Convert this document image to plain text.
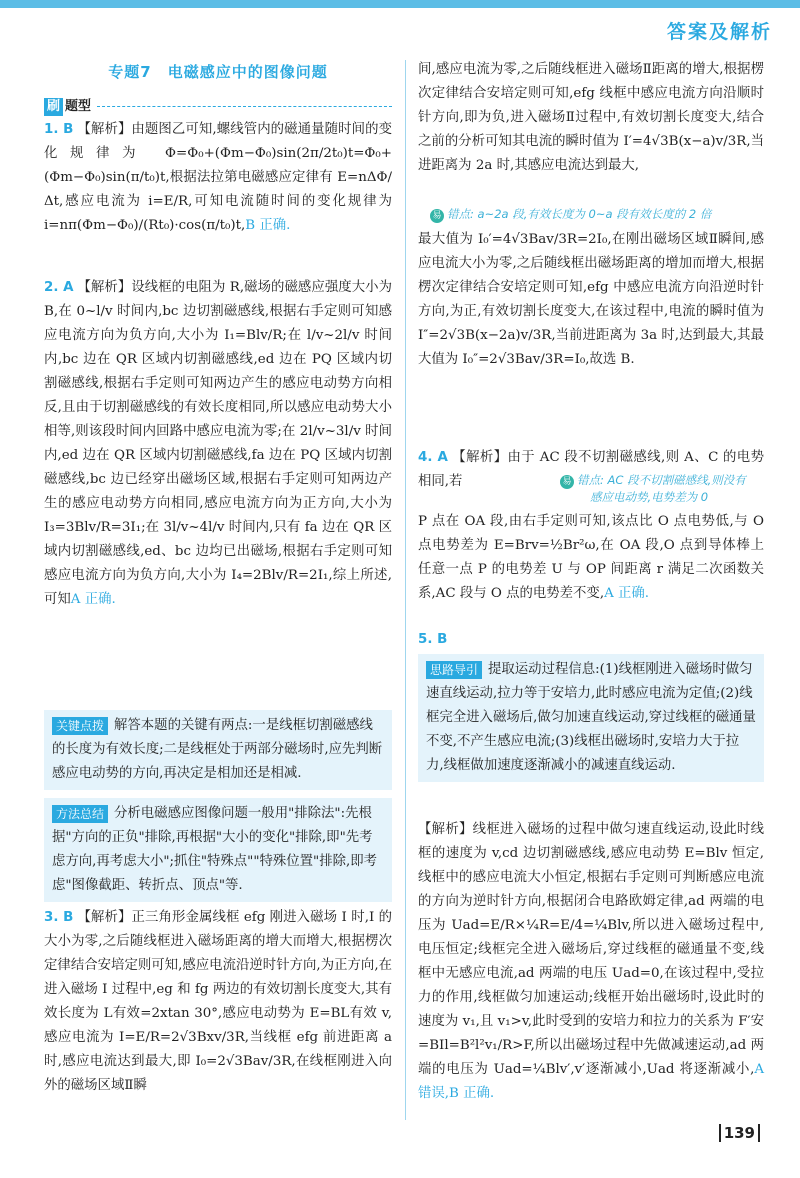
答案及解析
专题7　电磁感应中的图像问题
刷 题型
1. B 【解析】由题图乙可知,螺线管内的磁通量随时间的变化规律为 Φ=Φ₀+(Φm−Φ₀)sin(2π/2t₀)t=Φ₀+(Φm−Φ₀)sin(π/t₀)t,根据法拉第电磁感应定律有 E=nΔΦ/Δt,感应电流为 i=E/R,可知电流随时间的变化规律为 i=nπ(Φm−Φ₀)/(Rt₀)·cos(π/t₀)t,B 正确.
2. A 【解析】设线框的电阻为 R,磁场的磁感应强度大小为 B,在 0~l/v 时间内,bc 边切割磁感线,根据右手定则可知感应电流方向为负方向,大小为 I₁=Blv/R;在 l/v~2l/v 时间内,bc 边在 QR 区域内切割磁感线,ed 边在 PQ 区域内切割磁感线,根据右手定则可知两边产生的感应电动势方向相反,且由于切割磁感线的有效长度相同,所以感应电动势大小相等,则该段时间内回路中感应电流为零;在 2l/v~3l/v 时间内,ed 边在 QR 区域内切割磁感线,fa 边在 PQ 区域内切割磁感线,bc 边已经穿出磁场区域,根据右手定则可知两边产生的感应电动势方向相同,感应电流方向为正方向,大小为 I₃=3Blv/R=3I₁;在 3l/v~4l/v 时间内,只有 fa 边在 QR 区域内切割磁感线,ed、bc 边均已出磁场,根据右手定则可知感应电流方向为负方向,大小为 I₄=2Blv/R=2I₁,综上所述,可知A 正确.
关键点拨 解答本题的关键有两点:一是线框切割磁感线的长度为有效长度;二是线框处于两部分磁场时,应先判断感应电动势的方向,再决定是相加还是相减.
方法总结 分析电磁感应图像问题一般用"排除法":先根据"方向的正负"排除,再根据"大小的变化"排除,即"先考虑方向,再考虑大小";抓住"特殊点""特殊位置"排除,即考虑"图像截距、转折点、顶点"等.
3. B 【解析】正三角形金属线框 efg 刚进入磁场 I 时,I 的大小为零,之后随线框进入磁场距离的增大而增大,根据楞次定律结合安培定则可知,感应电流沿逆时针方向,为正方向,在进入磁场 I 过程中,eg 和 fg 两边的有效切割长度变大,其有效长度为 L有效=2xtan 30°,感应电动势为 E=BL有效 v,感应电流为 I=E/R=2√3Bxv/3R,当线框 efg 前进距离 a 时,感应电流达到最大,即 I₀=2√3Bav/3R,在线框刚进入向外的磁场区域Ⅱ瞬
间,感应电流为零,之后随线框进入磁场Ⅱ距离的增大,根据楞次定律结合安培定则可知,efg 线框中感应电流方向沿顺时针方向,即为负,进入磁场Ⅱ过程中,有效切割长度变大,结合之前的分析可知其电流的瞬时值为 I′=4√3B(x−a)v/3R,当进距离为 2a 时,其感应电流达到最大,
易 错点: a~2a 段,有效长度为 0~a 段有效长度的 2 倍
最大值为 I₀′=4√3Bav/3R=2I₀,在刚出磁场区域Ⅱ瞬间,感应电流大小为零,之后随线框出磁场距离的增加而增大,根据楞次定律结合安培定则可知,efg 中感应电流方向沿逆时针方向,为正,有效切割长度变大,在该过程中,电流的瞬时值为 I″=2√3B(x−2a)v/3R,当前进距离为 3a 时,达到最大,其最大值为 I₀″=2√3Bav/3R=I₀,故选 B.
4. A 【解析】由于 AC 段不切割磁感线,则 A、C 的电势相同,若	易 错点: AC 段不切割磁感线,则没有
感应电动势,电势差为 0
P 点在 OA 段,由右手定则可知,该点比 O 点电势低,与 O 点电势差为 E=Brv=½Br²ω,在 OA 段,O 点到导体棒上任意一点 P 的电势差 U 与 OP 间距离 r 满足二次函数关系,AC 段与 O 点的电势差不变,A 正确.
5. B
思路导引 提取运动过程信息:(1)线框刚进入磁场时做匀速直线运动,拉力等于安培力,此时感应电流为定值;(2)线框完全进入磁场后,做匀加速直线运动,穿过线框的磁通量不变,不产生感应电流;(3)线框出磁场时,安培力大于拉力,线框做加速度逐渐减小的减速直线运动.
【解析】线框进入磁场的过程中做匀速直线运动,设此时线框的速度为 v,cd 边切割磁感线,感应电动势 E=Blv 恒定,线框中的感应电流大小恒定,根据右手定则可判断感应电流的方向为逆时针方向,根据闭合电路欧姆定律,ad 两端的电压为 Uad=E/R×¼R=E/4=¼Blv,所以进入磁场过程中,电压恒定;线框完全进入磁场后,穿过线框的磁通量不变,线框中无感应电流,ad 两端的电压 Uad=0,在该过程中,受拉力的作用,线框做匀加速运动;线框开始出磁场时,设此时的速度为 v₁,且 v₁>v,此时受到的安培力和拉力的关系为 F′安=BIl=B²l²v₁/R>F,所以出磁场过程中先做减速运动,ad 两端的电压为 Uad=¼Blv′,v′逐渐减小,Uad 将逐渐减小,A 错误,B 正确.
139
